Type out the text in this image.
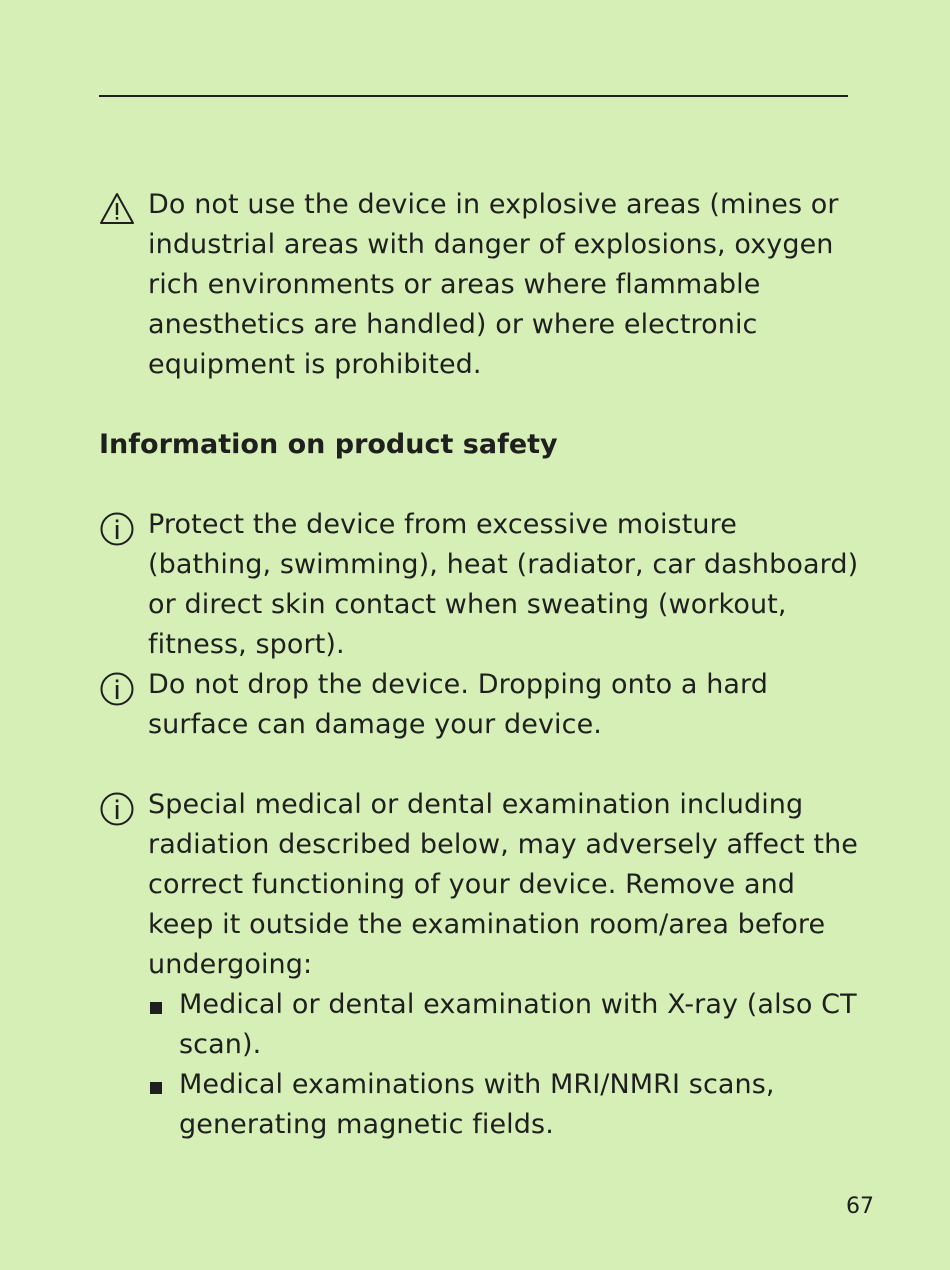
Do not use the device in explosive areas (mines or industrial areas with danger of explosions, oxygen rich environments or areas where flammable anesthetics are handled) or where electronic equipment is prohibited.
Information on product safety
Protect the device from excessive moisture (bathing, swimming), heat (radiator, car dashboard) or direct skin contact when sweating (workout, fitness, sport).
Do not drop the device. Dropping onto a hard surface can damage your device.
Special medical or dental examination including radiation described below, may adversely affect the correct functioning of your device. Remove and keep it outside the examination room/area before undergoing:
Medical or dental examination with X-ray (also CT scan).
Medical examinations with MRI/NMRI scans, generating magnetic fields.
67
